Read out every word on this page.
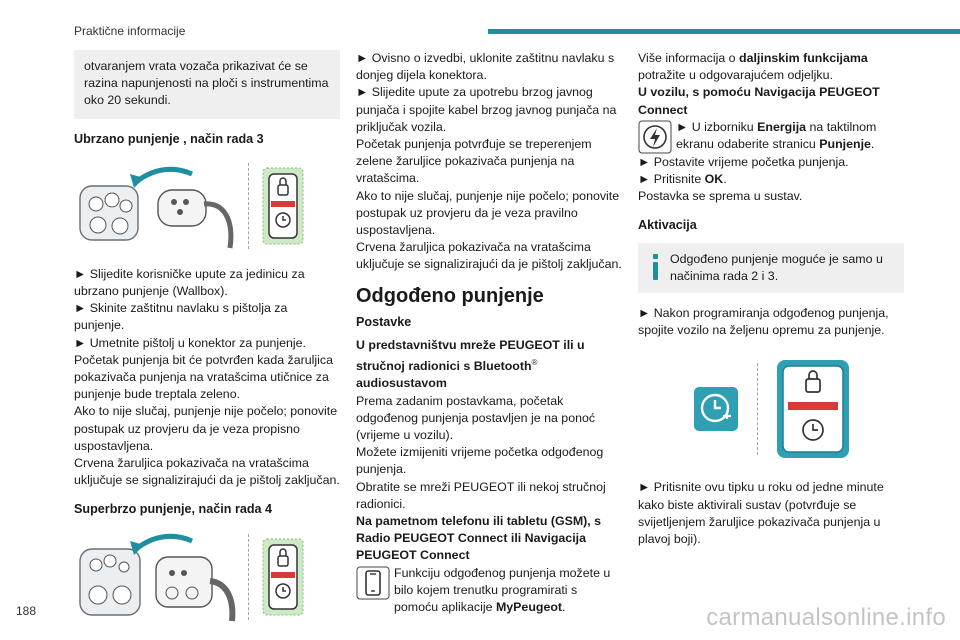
Praktične informacije

otvaranjem vrata vozača prikazivat će se razina napunjenosti na ploči s instrumentima oko 20 sekundi.

Ubrzano punjenje , način rada 3

► Slijedite korisničke upute za jedinicu za ubrzano punjenje (Wallbox).

► Skinite zaštitnu navlaku s pištolja za punjenje.

► Umetnite pištolj u konektor za punjenje.

Početak punjenja bit će potvrđen kada žaruljica pokazivača punjenja na vratašcima utičnice za punjenje bude treptala zeleno.

Ako to nije slučaj, punjenje nije počelo; ponovite postupak uz provjeru da je veza propisno uspostavljena.

Crvena žaruljica pokazivača na vratašcima uključuje se signalizirajući da je pištolj zaključan.

Superbrzo punjenje, način rada 4

► Ovisno o izvedbi, uklonite zaštitnu navlaku s donjeg dijela konektora.

► Slijedite upute za upotrebu brzog javnog punjača i spojite kabel brzog javnog punjača na priključak vozila.

Početak punjenja potvrđuje se treperenjem zelene žaruljice pokazivača punjenja na vratašcima.

Ako to nije slučaj, punjenje nije počelo; ponovite postupak uz provjeru da je veza pravilno uspostavljena.

Crvena žaruljica pokazivača na vratašcima uključuje se signalizirajući da je pištolj zaključan.

Odgođeno punjenje
Postavke

U predstavništvu mreže PEUGEOT ili u stručnoj radionici s Bluetooth® audiosustavom

Prema zadanim postavkama, početak odgođenog punjenja postavljen je na ponoć (vrijeme u vozilu).

Možete izmijeniti vrijeme početka odgođenog punjenja.

Obratite se mreži PEUGEOT ili nekoj stručnoj radionici.

Na pametnom telefonu ili tabletu (GSM), s Radio PEUGEOT Connect ili Navigacija PEUGEOT Connect

Funkciju odgođenog punjenja možete u bilo kojem trenutku programirati s pomoću aplikacije MyPeugeot.

Više informacija o daljinskim funkcijama potražite u odgovarajućem odjeljku.

U vozilu, s pomoću Navigacija PEUGEOT Connect

► U izborniku Energija na taktilnom ekranu odaberite stranicu Punjenje.

► Postavite vrijeme početka punjenja.

► Pritisnite OK.

Postavka se sprema u sustav.

Aktivacija

Odgođeno punjenje moguće je samo u načinima rada 2 i 3.

► Nakon programiranja odgođenog punjenja, spojite vozilo na željenu opremu za punjenje.

► Pritisnite ovu tipku u roku od jedne minute kako biste aktivirali sustav (potvrđuje se svijetljenjem žaruljice pokazivača punjenja u plavoj boji).

188	carmanualsonline.info
